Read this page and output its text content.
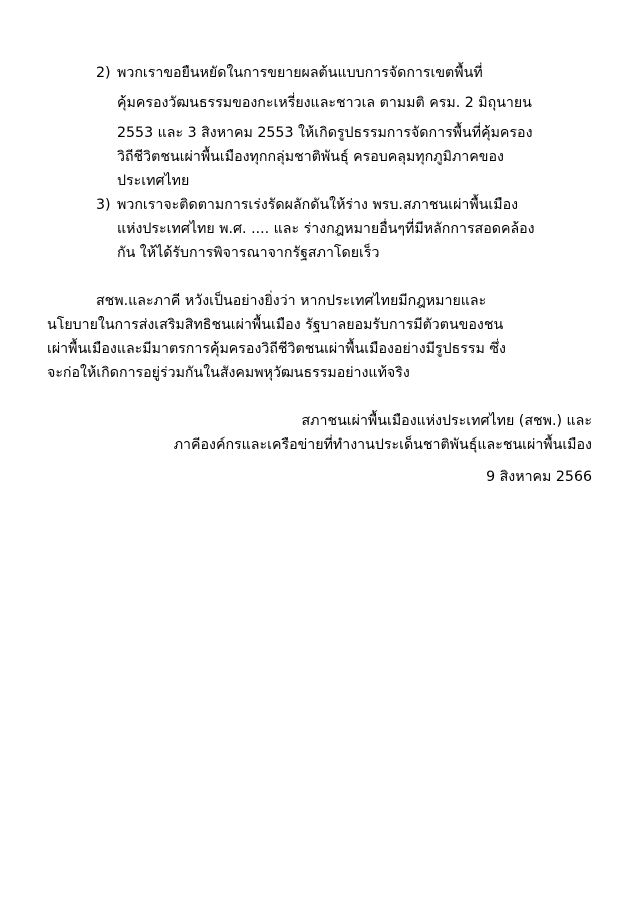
2) พวกเราขอยืนหยัดในการขยายผลต้นแบบการจัดการเขตพื้นที่
คุ้มครองวัฒนธรรมของกะเหรี่ยงและชาวเล ตามมติ ครม. 2 มิถุนายน
2553 และ 3 สิงหาคม 2553 ให้เกิดรูปธรรมการจัดการพื้นที่คุ้มครอง
วิถีชีวิตชนเผ่าพื้นเมืองทุกกลุ่มชาติพันธุ์ ครอบคลุมทุกภูมิภาคของ
ประเทศไทย
3) พวกเราจะติดตามการเร่งรัดผลักดันให้ร่าง พรบ.สภาชนเผ่าพื้นเมือง
แห่งประเทศไทย พ.ศ. .... และ ร่างกฎหมายอื่นๆที่มีหลักการสอดคล้อง
กัน ให้ได้รับการพิจารณาจากรัฐสภาโดยเร็ว
สชพ.และภาคี หวังเป็นอย่างยิ่งว่า หากประเทศไทยมีกฎหมายและ
นโยบายในการส่งเสริมสิทธิชนเผ่าพื้นเมือง รัฐบาลยอมรับการมีตัวตนของชน
เผ่าพื้นเมืองและมีมาตรการคุ้มครองวิถีชีวิตชนเผ่าพื้นเมืองอย่างมีรูปธรรม ซึ่ง
จะก่อให้เกิดการอยู่ร่วมกันในสังคมพหุวัฒนธรรมอย่างแท้จริง
สภาชนเผ่าพื้นเมืองแห่งประเทศไทย (สชพ.) และ
ภาคีองค์กรและเครือข่ายที่ทำงานประเด็นชาติพันธุ์และชนเผ่าพื้นเมือง
9 สิงหาคม 2566
